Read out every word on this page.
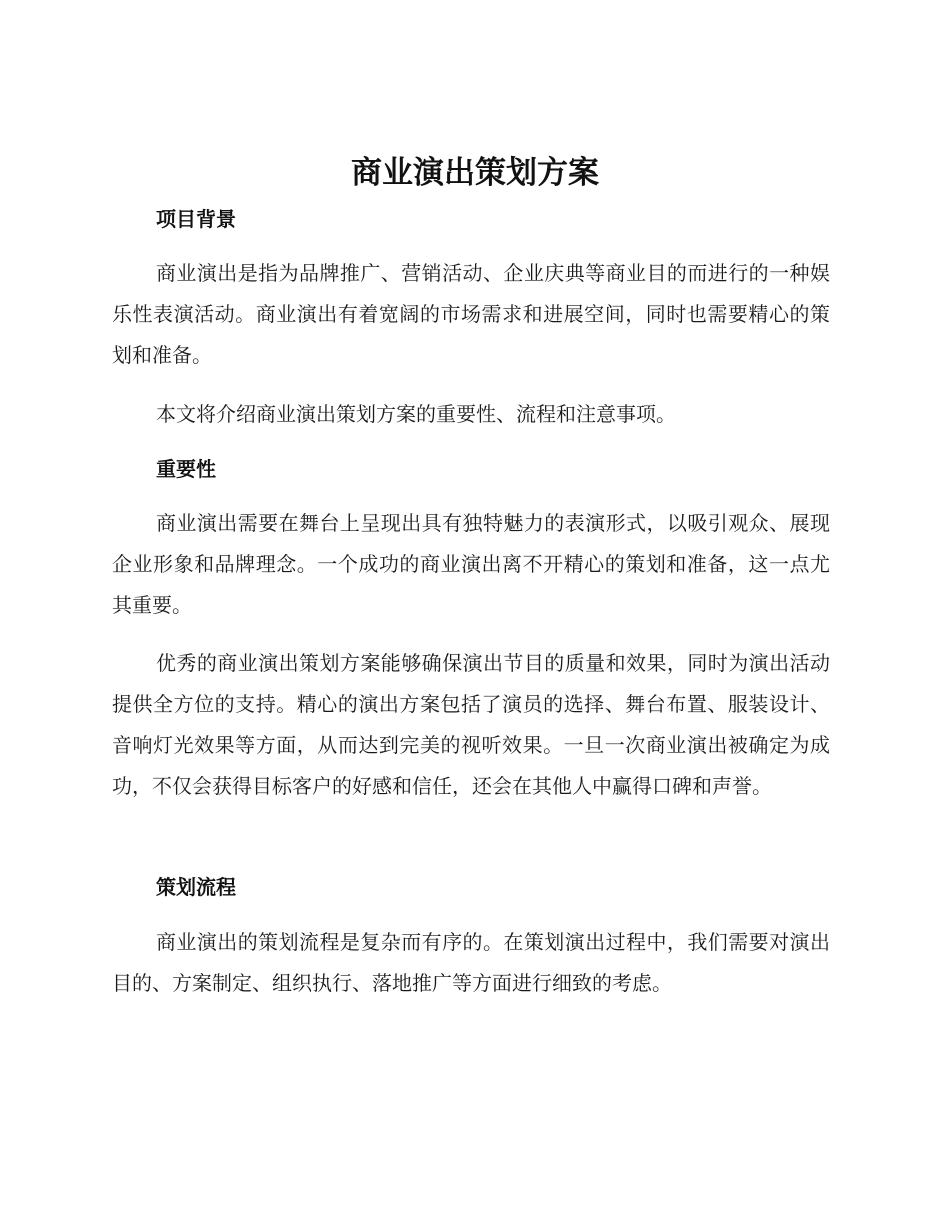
商业演出策划方案
项目背景

商业演出是指为品牌推广、营销活动、企业庆典等商业目的而进行的一种娱乐性表演活动。商业演出有着宽阔的市场需求和进展空间，同时也需要精心的策划和准备。

本文将介绍商业演出策划方案的重要性、流程和注意事项。

重要性

商业演出需要在舞台上呈现出具有独特魅力的表演形式，以吸引观众、展现企业形象和品牌理念。一个成功的商业演出离不开精心的策划和准备，这一点尤其重要。

优秀的商业演出策划方案能够确保演出节目的质量和效果，同时为演出活动提供全方位的支持。精心的演出方案包括了演员的选择、舞台布置、服装设计、音响灯光效果等方面，从而达到完美的视听效果。一旦一次商业演出被确定为成功，不仅会获得目标客户的好感和信任，还会在其他人中赢得口碑和声誉。

策划流程

商业演出的策划流程是复杂而有序的。在策划演出过程中，我们需要对演出目的、方案制定、组织执行、落地推广等方面进行细致的考虑。
